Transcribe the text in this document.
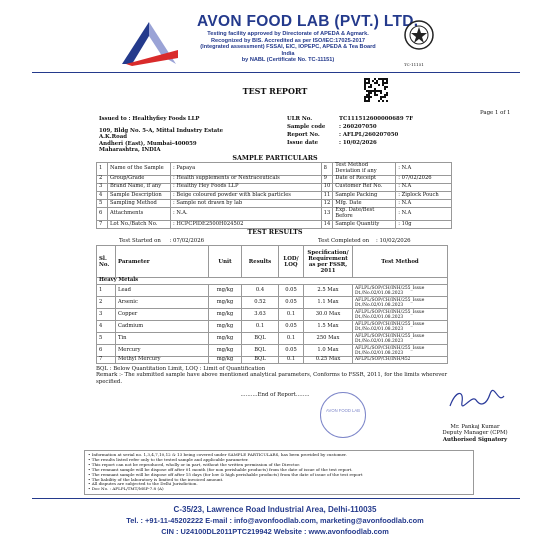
AVON FOOD LAB (PVT.) LTD.
Testing facility approved by Directorate of APEDA & Agmark.
Recognized by BIS. Accredited as per ISO/IEC:17025-2017
(Integrated assessment) FSSAI, EIC, IOPEPC, APEDA & Tea Board India
by NABL (Certificate No. TC-11151)
TC-11151
TEST REPORT
Page 1 of 1
Issued to : Healthyfiey Foods LLP
109, Bldg No. 5-A, Mittal Industry Estate
A.K.Road
Andheri (East), Mumbai-400059
Maharashtra, INDIA
ULR No.	TC111512600000689 7F
Sample code	: 260207050
Report No.	: AFLPL/260207050
Issue date	: 10/02/2026
SAMPLE PARTICULARS
1	Name of the Sample	: Papaya	8	Test Method Deviation if any	: N.A
2	Group/Grade	: Health supplements or Nextraceuticals	9	Date of Receipt	: 07/02/2026
3	Brand Name, if any	: Healthy Hey Foods LLP	10	Customer Ref No.	: N.A
4	Sample Description	: Beige coloured powder with black particles	11	Sample Packing	: Ziplock Pouch
5	Sampling Method	: Sample not drawn by lab	12	Mfg. Date	: N.A
6	Attachments	: N.A.	13	Exp. Date/Best Before	: N.A
7	Lot No./Batch No.	: HCPCPIDE2500H024502	14	Sample Quantity	: 10g
TEST RESULTS
Test Started on : 07/02/2026	Test Completed on : 10/02/2026
Sl. No.	Parameter	Unit	Results	LOD/ LOQ	Specification/ Requirement as per FSSR, 2011	Test Method
Heavy Metals						
1	Lead	mg/kg	0.4	0.05	2.5 Max	AFLPL/SOP/CH/INH/255_Issue Dt./No.02/01.08.2023
2	Arsenic	mg/kg	0.52	0.05	1.1 Max	AFLPL/SOP/CH/INH/255_Issue Dt./No.02/01.08.2023
3	Copper	mg/kg	3.63	0.1	30.0 Max	AFLPL/SOP/CH/INH/255_Issue Dt./No.02/01.08.2023
4	Cadmium	mg/kg	0.1	0.05	1.5 Max	AFLPL/SOP/CH/INH/255_Issue Dt./No.02/01.08.2023
5	Tin	mg/kg	BQL	0.1	250 Max	AFLPL/SOP/CH/INH/255_Issue Dt./No.02/01.08.2023
6	Mercury	mg/kg	BQL	0.05	1.0 Max	AFLPL/SOP/CH/INH/255_Issue Dt./No.02/01.08.2023
7	Methyl Mercury	mg/kg	BQL	0.1	0.25 Max	AFLPL/SOP/CH/INH/452
BQL : Below Quantitation Limit, LOQ : Limit of Quantification
Remark :- The submitted sample have above mentioned analytical parameters, Conforms to FSSR, 2011, for the limits wherever specified.
..........End of Report........
AVON FOOD LAB
Mr. Pankaj Kumar
Deputy Manager (CPM)
Authorised Signatory
• Information at serial no. 1,3,4,7,10,12 & 13 being covered under SAMPLE PARTICULARS, has been provided by customer.
• The results listed refer only to the tested sample and applicable parameter.
• This report can not be reproduced, wholly or in part, without the written permission of the Director.
• The remnant sample will be dispose off after 01 month (for non perishable products) from the date of issue of the test report.
• The remnant sample will be dispose off after 15 days (for low & high perishable products) from the date of issue of the test report
• The liability of the laboratory is limited to the invoiced amount.
• All disputes are subjected to the Delhi Jurisdiction.
• Doc No. : AFLPL/TMT/MSP-7.8 (A)
C-35/23, Lawrence Road Industrial Area, Delhi-110035
Tel. : +91-11-45202222 E-mail : info@avonfoodlab.com, marketing@avonfoodlab.com
CIN : U24100DL2011PTC219942 Website : www.avonfoodlab.com
